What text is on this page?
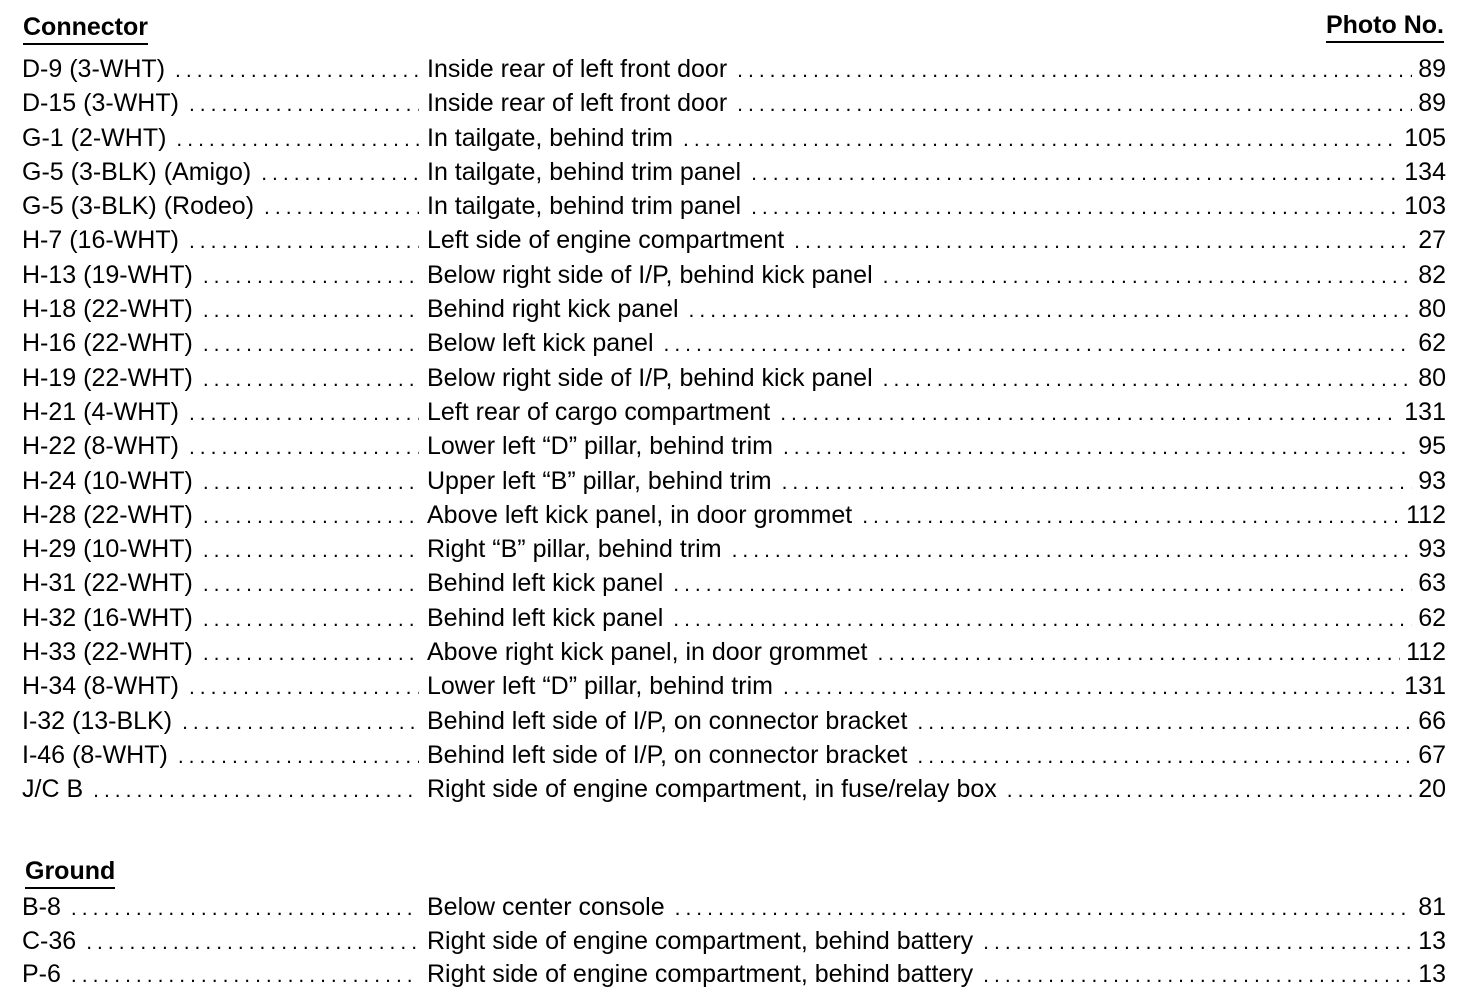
Connector	Photo No.
D-9 (3-WHT) .....	Inside rear of left front door .....	89
D-15 (3-WHT) .....	Inside rear of left front door .....	89
G-1 (2-WHT) .....	In tailgate, behind trim .....	105
G-5 (3-BLK) (Amigo) .....	In tailgate, behind trim panel .....	134
G-5 (3-BLK) (Rodeo) .....	In tailgate, behind trim panel .....	103
H-7 (16-WHT) .....	Left side of engine compartment .....	27
H-13 (19-WHT) .....	Below right side of I/P, behind kick panel .....	82
H-18 (22-WHT) .....	Behind right kick panel .....	80
H-16 (22-WHT) .....	Below left kick panel .....	62
H-19 (22-WHT) .....	Below right side of I/P, behind kick panel .....	80
H-21 (4-WHT) .....	Left rear of cargo compartment .....	131
H-22 (8-WHT) .....	Lower left “D” pillar, behind trim .....	95
H-24 (10-WHT) .....	Upper left “B” pillar, behind trim .....	93
H-28 (22-WHT) .....	Above left kick panel, in door grommet .....	112
H-29 (10-WHT) .....	Right “B” pillar, behind trim .....	93
H-31 (22-WHT) .....	Behind left kick panel .....	63
H-32 (16-WHT) .....	Behind left kick panel .....	62
H-33 (22-WHT) .....	Above right kick panel, in door grommet .....	112
H-34 (8-WHT) .....	Lower left “D” pillar, behind trim .....	131
I-32 (13-BLK) .....	Behind left side of I/P, on connector bracket .....	66
I-46 (8-WHT) .....	Behind left side of I/P, on connector bracket .....	67
J/C B .....	Right side of engine compartment, in fuse/relay box .....	20
Ground
B-8 .....	Below center console .....	81
C-36 .....	Right side of engine compartment, behind battery .....	13
P-6 .....	Right side of engine compartment, behind battery .....	13
